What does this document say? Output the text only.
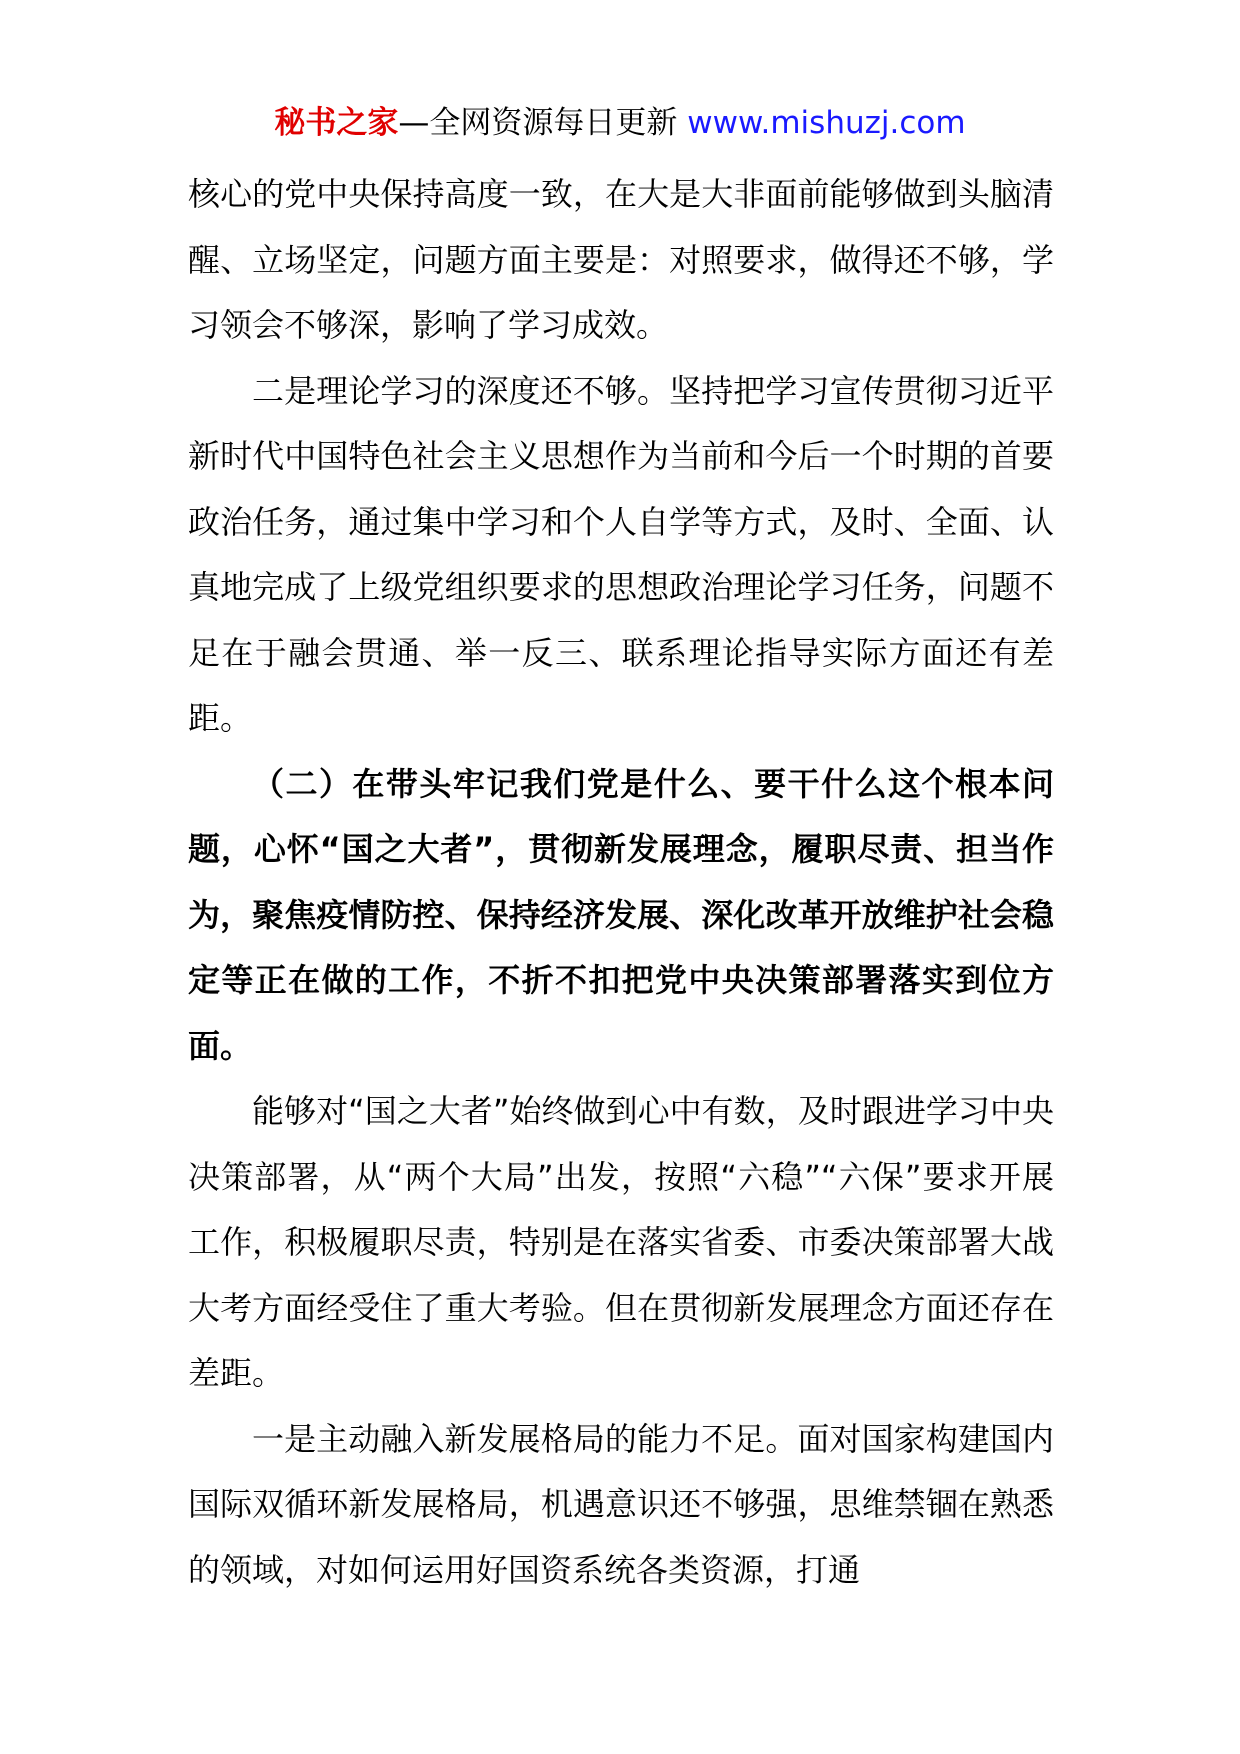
秘书之家—全网资源每日更新 www.mishuzj.com

核心的党中央保持高度一致，在大是大非面前能够做到头脑清醒、立场坚定，问题方面主要是：对照要求，做得还不够，学习领会不够深，影响了学习成效。

二是理论学习的深度还不够。坚持把学习宣传贯彻习近平新时代中国特色社会主义思想作为当前和今后一个时期的首要政治任务，通过集中学习和个人自学等方式，及时、全面、认真地完成了上级党组织要求的思想政治理论学习任务，问题不足在于融会贯通、举一反三、联系理论指导实际方面还有差距。

（二）在带头牢记我们党是什么、要干什么这个根本问题，心怀“国之大者”，贯彻新发展理念，履职尽责、担当作为，聚焦疫情防控、保持经济发展、深化改革开放维护社会稳定等正在做的工作，不折不扣把党中央决策部署落实到位方面。

能够对“国之大者”始终做到心中有数，及时跟进学习中央决策部署，从“两个大局”出发，按照“六稳”“六保”要求开展工作，积极履职尽责，特别是在落实省委、市委决策部署大战大考方面经受住了重大考验。但在贯彻新发展理念方面还存在差距。

一是主动融入新发展格局的能力不足。面对国家构建国内国际双循环新发展格局，机遇意识还不够强，思维禁锢在熟悉的领域，对如何运用好国资系统各类资源，打通
